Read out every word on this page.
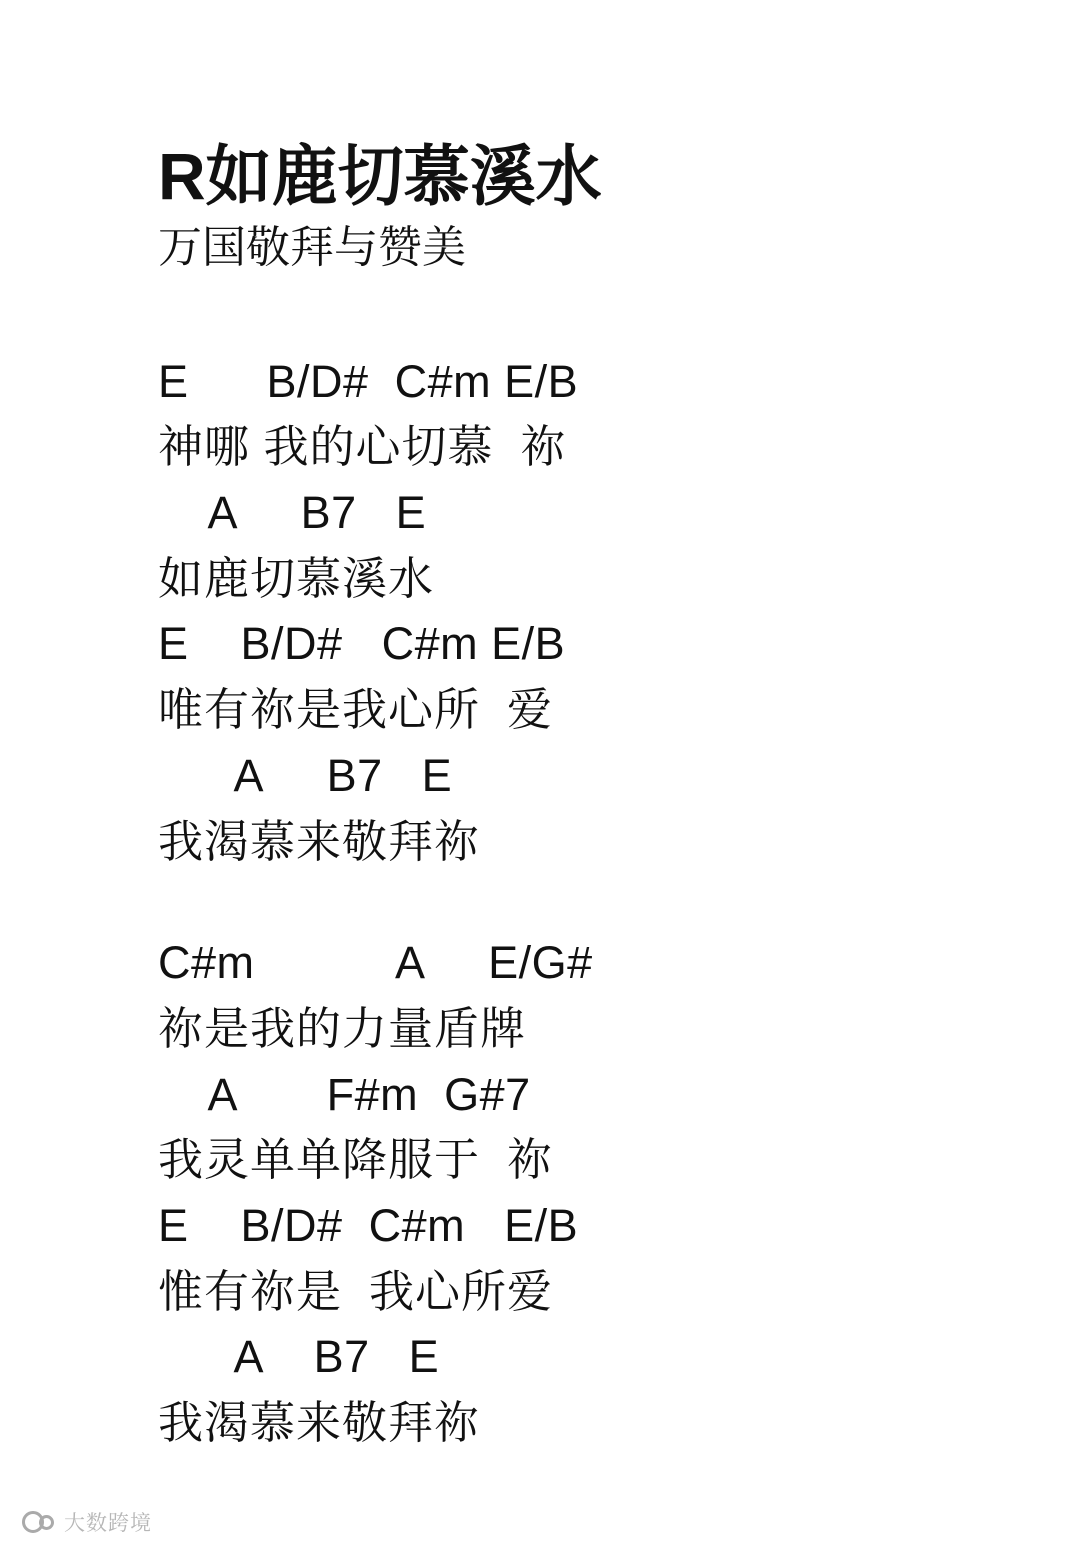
R如鹿切慕溪水
万国敬拜与赞美
E      B/D#  C#m E/B
神哪 我的心切慕  祢
A     B7   E
如鹿切慕溪水
E    B/D#   C#m E/B
唯有祢是我心所  爱
A     B7   E
我渴慕来敬拜祢
C#m           A     E/G#
祢是我的力量盾牌
A       F#m  G#7
我灵单单降服于  祢
E    B/D#  C#m   E/B
惟有祢是  我心所爱
A    B7   E
我渴慕来敬拜祢
大数跨境
